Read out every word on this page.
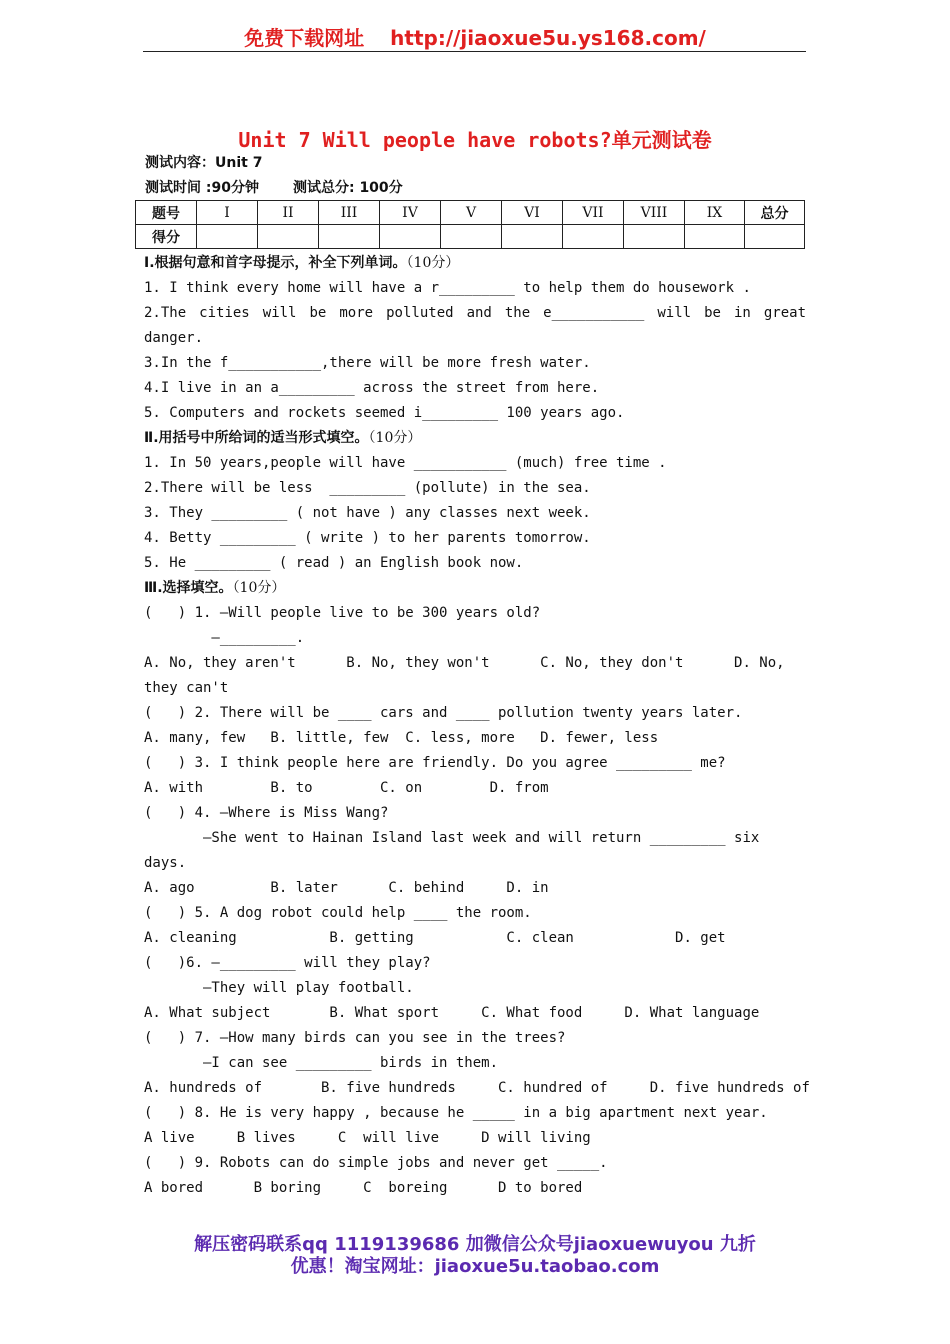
免费下载网址 http://jiaoxue5u.ys168.com/
Unit 7 Will people have robots?单元测试卷
测试内容：Unit 7
测试时间 :90分钟 测试总分: 100分
题号	I	II	III	IV	V	VI	VII	VIII	IX	总分
得分										
Ⅰ.根据句意和首字母提示，补全下列单词。（10分）
1. I think every home will have a r_________ to help them do housework .
2.The cities will be more polluted and the e___________ will be in great
danger.
3.In the f___________,there will be more fresh water.
4.I live in an a_________ across the street from here.
5. Computers and rockets seemed i_________ 100 years ago.
Ⅱ.用括号中所给词的适当形式填空。（10分）
1. In 50 years,people will have ___________ (much) free time .
2.There will be less  _________ (pollute) in the sea.
3. They _________ ( not have ) any classes next week.
4. Betty _________ ( write ) to her parents tomorrow.
5. He _________ ( read ) an English book now.
Ⅲ.选择填空。（10分）
(   ) 1. —Will people live to be 300 years old?
—_________.
A. No, they aren't      B. No, they won't      C. No, they don't      D. No,
they can't
(   ) 2. There will be ____ cars and ____ pollution twenty years later.
A. many, few   B. little, few  C. less, more   D. fewer, less
(   ) 3. I think people here are friendly. Do you agree _________ me?
A. with        B. to        C. on        D. from
(   ) 4. —Where is Miss Wang?
—She went to Hainan Island last week and will return _________ six
days.
A. ago         B. later      C. behind     D. in
(   ) 5. A dog robot could help ____ the room.
A. cleaning           B. getting           C. clean            D. get
(   )6. —_________ will they play?
—They will play football.
A. What subject       B. What sport     C. What food     D. What language
(   ) 7. —How many birds can you see in the trees?
—I can see _________ birds in them.
A. hundreds of       B. five hundreds     C. hundred of     D. five hundreds of
(   ) 8. He is very happy , because he _____ in a big apartment next year.
A live     B lives     C  will live     D will living
(   ) 9. Robots can do simple jobs and never get _____.
A bored      B boring     C  boreing      D to bored
解压密码联系qq 1119139686 加微信公众号jiaoxuewuyou 九折
优惠！淘宝网址：jiaoxue5u.taobao.com
